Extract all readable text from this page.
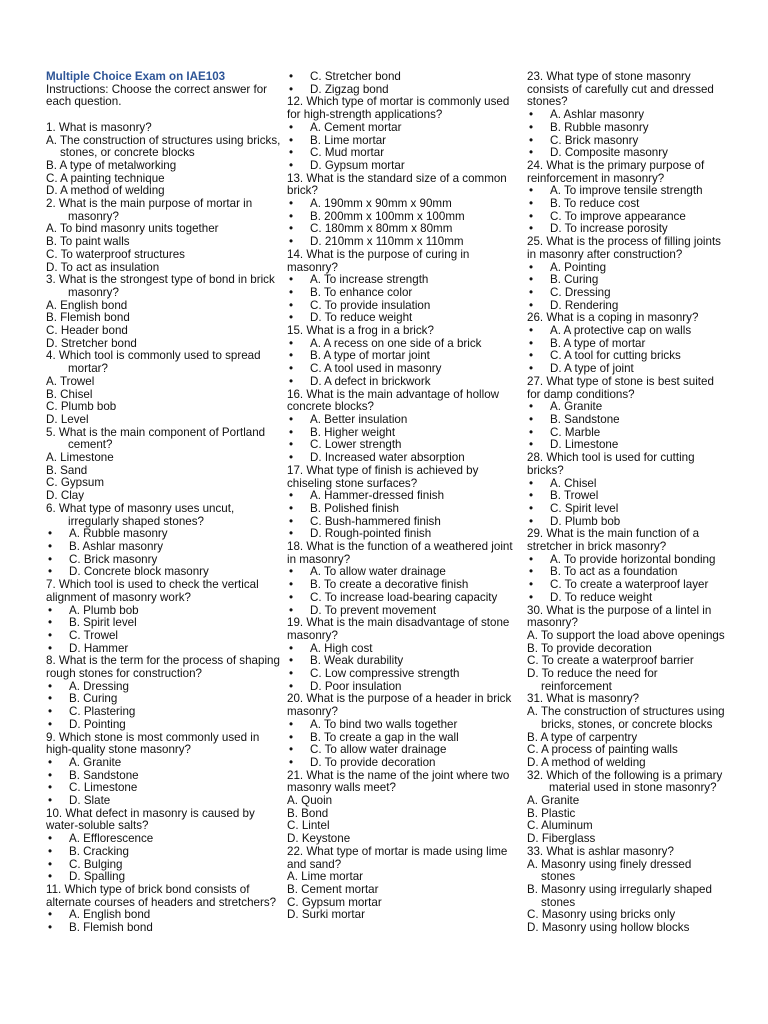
Multiple Choice Exam on IAE103
Instructions: Choose the correct answer for each question.
1. What is masonry?
A. The construction of structures using bricks, stones, or concrete blocks
B. A type of metalworking
C. A painting technique
D. A method of welding
2. What is the main purpose of mortar in masonry?
A. To bind masonry units together
B. To paint walls
C. To waterproof structures
D. To act as insulation
3. What is the strongest type of bond in brick masonry?
A. English bond
B. Flemish bond
C. Header bond
D. Stretcher bond
4. Which tool is commonly used to spread mortar?
A. Trowel
B. Chisel
C. Plumb bob
D. Level
5. What is the main component of Portland cement?
A. Limestone
B. Sand
C. Gypsum
D. Clay
6. What type of masonry uses uncut, irregularly shaped stones?
• A. Rubble masonry
• B. Ashlar masonry
• C. Brick masonry
• D. Concrete block masonry
7. Which tool is used to check the vertical alignment of masonry work?
• A. Plumb bob
• B. Spirit level
• C. Trowel
• D. Hammer
8. What is the term for the process of shaping rough stones for construction?
• A. Dressing
• B. Curing
• C. Plastering
• D. Pointing
9. Which stone is most commonly used in high-quality stone masonry?
• A. Granite
• B. Sandstone
• C. Limestone
• D. Slate
10. What defect in masonry is caused by water-soluble salts?
• A. Efflorescence
• B. Cracking
• C. Bulging
• D. Spalling
11. Which type of brick bond consists of alternate courses of headers and stretchers?
• A. English bond
• B. Flemish bond
• C. Stretcher bond
• D. Zigzag bond
12. Which type of mortar is commonly used for high-strength applications?
• A. Cement mortar
• B. Lime mortar
• C. Mud mortar
• D. Gypsum mortar
13. What is the standard size of a common brick?
• A. 190mm x 90mm x 90mm
• B. 200mm x 100mm x 100mm
• C. 180mm x 80mm x 80mm
• D. 210mm x 110mm x 110mm
14. What is the purpose of curing in masonry?
• A. To increase strength
• B. To enhance color
• C. To provide insulation
• D. To reduce weight
15. What is a frog in a brick?
• A. A recess on one side of a brick
• B. A type of mortar joint
• C. A tool used in masonry
• D. A defect in brickwork
16. What is the main advantage of hollow concrete blocks?
• A. Better insulation
• B. Higher weight
• C. Lower strength
• D. Increased water absorption
17. What type of finish is achieved by chiseling stone surfaces?
• A. Hammer-dressed finish
• B. Polished finish
• C. Bush-hammered finish
• D. Rough-pointed finish
18. What is the function of a weathered joint in masonry?
• A. To allow water drainage
• B. To create a decorative finish
• C. To increase load-bearing capacity
• D. To prevent movement
19. What is the main disadvantage of stone masonry?
• A. High cost
• B. Weak durability
• C. Low compressive strength
• D. Poor insulation
20. What is the purpose of a header in brick masonry?
• A. To bind two walls together
• B. To create a gap in the wall
• C. To allow water drainage
• D. To provide decoration
21. What is the name of the joint where two masonry walls meet?
A. Quoin
B. Bond
C. Lintel
D. Keystone
22. What type of mortar is made using lime and sand?
A. Lime mortar
B. Cement mortar
C. Gypsum mortar
D. Surki mortar
23. What type of stone masonry consists of carefully cut and dressed stones?
• A. Ashlar masonry
• B. Rubble masonry
• C. Brick masonry
• D. Composite masonry
24. What is the primary purpose of reinforcement in masonry?
• A. To improve tensile strength
• B. To reduce cost
• C. To improve appearance
• D. To increase porosity
25. What is the process of filling joints in masonry after construction?
• A. Pointing
• B. Curing
• C. Dressing
• D. Rendering
26. What is a coping in masonry?
• A. A protective cap on walls
• B. A type of mortar
• C. A tool for cutting bricks
• D. A type of joint
27. What type of stone is best suited for damp conditions?
• A. Granite
• B. Sandstone
• C. Marble
• D. Limestone
28. Which tool is used for cutting bricks?
• A. Chisel
• B. Trowel
• C. Spirit level
• D. Plumb bob
29. What is the main function of a stretcher in brick masonry?
• A. To provide horizontal bonding
• B. To act as a foundation
• C. To create a waterproof layer
• D. To reduce weight
30. What is the purpose of a lintel in masonry?
A. To support the load above openings
B. To provide decoration
C. To create a waterproof barrier
D. To reduce the need for reinforcement
31. What is masonry?
A. The construction of structures using bricks, stones, or concrete blocks
B. A type of carpentry
C. A process of painting walls
D. A method of welding
32. Which of the following is a primary material used in stone masonry?
A. Granite
B. Plastic
C. Aluminum
D. Fiberglass
33. What is ashlar masonry?
A. Masonry using finely dressed stones
B. Masonry using irregularly shaped stones
C. Masonry using bricks only
D. Masonry using hollow blocks
